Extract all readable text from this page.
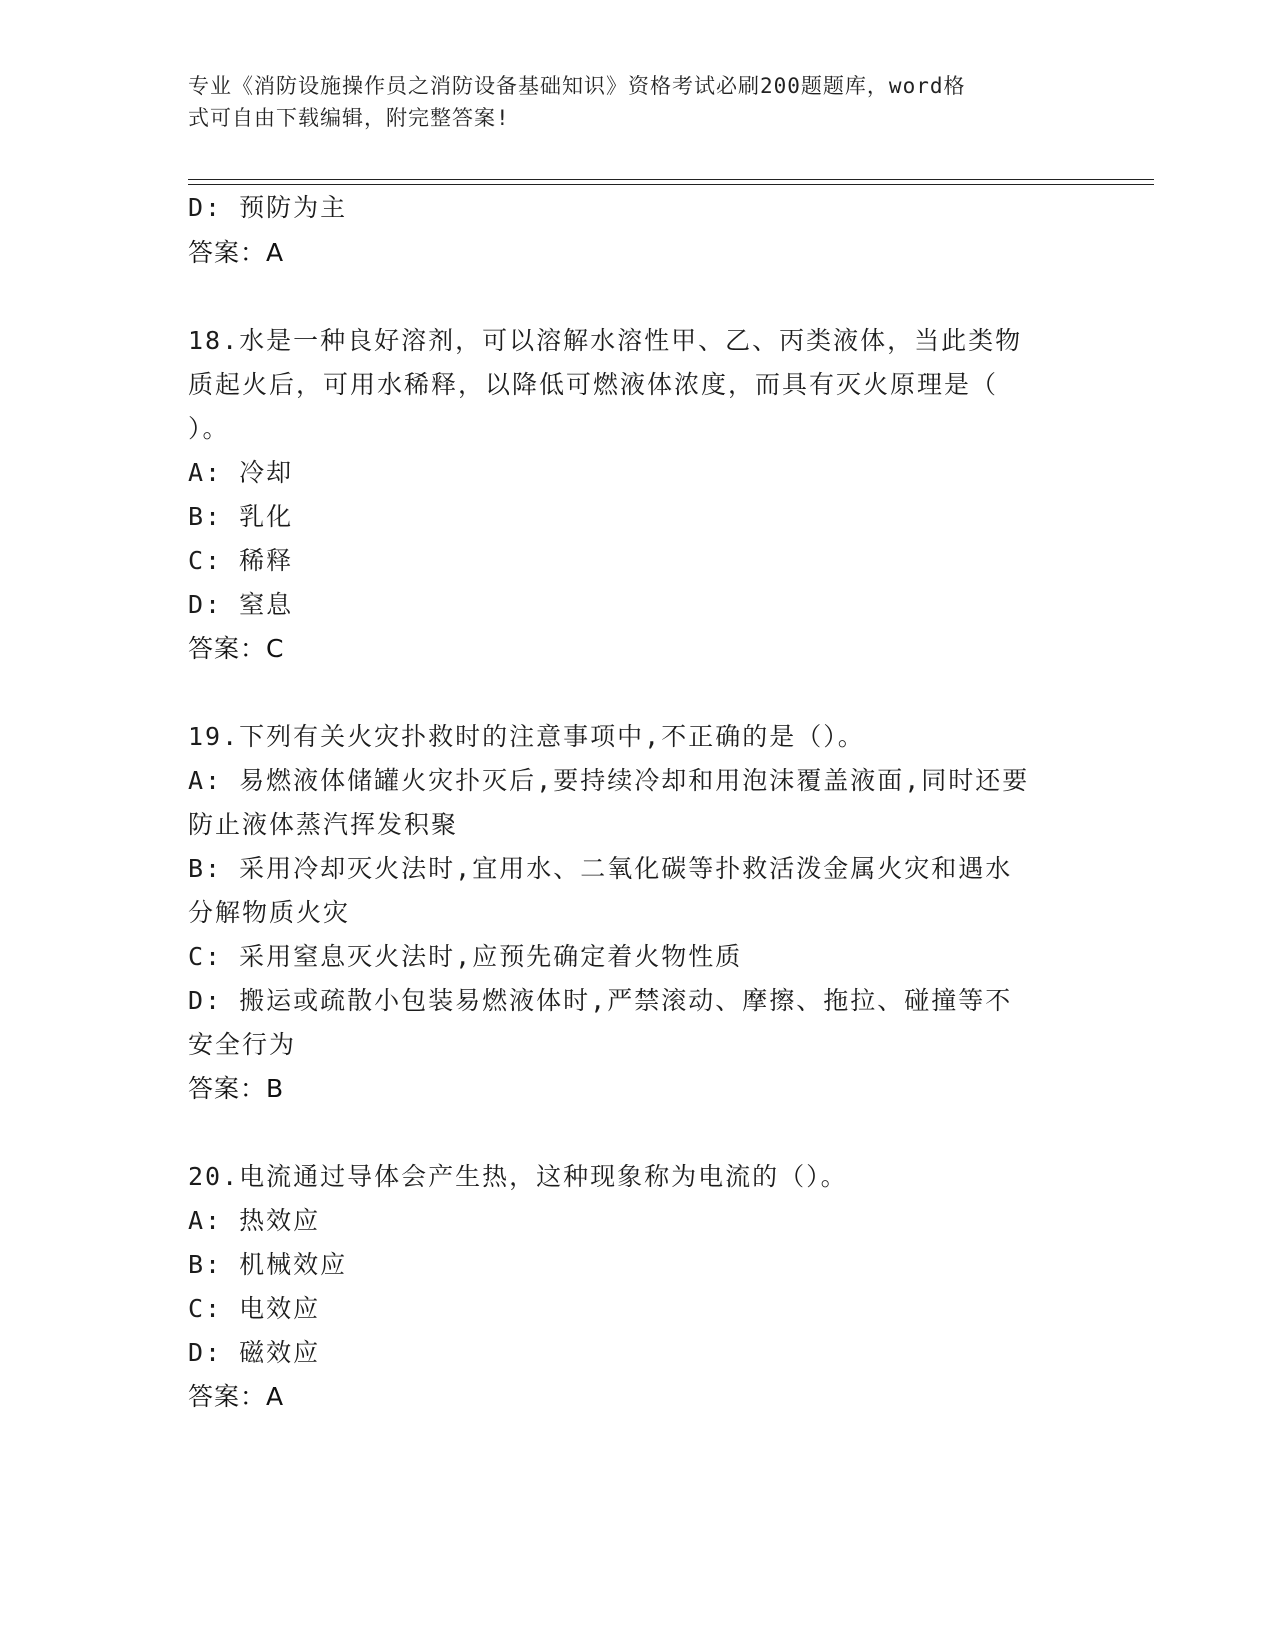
专业《消防设施操作员之消防设备基础知识》资格考试必刷200题题库，word格
式可自由下载编辑，附完整答案!
D: 预防为主
答案：A
18.水是一种良好溶剂，可以溶解水溶性甲、乙、丙类液体，当此类物
质起火后，可用水稀释，以降低可燃液体浓度，而具有灭火原理是（
）。
A: 冷却
B: 乳化
C: 稀释
D: 窒息
答案：C
19.下列有关火灾扑救时的注意事项中,不正确的是（）。
A: 易燃液体储罐火灾扑灭后,要持续冷却和用泡沫覆盖液面,同时还要
防止液体蒸汽挥发积聚
B: 采用冷却灭火法时,宜用水、二氧化碳等扑救活泼金属火灾和遇水
分解物质火灾
C: 采用窒息灭火法时,应预先确定着火物性质
D: 搬运或疏散小包装易燃液体时,严禁滚动、摩擦、拖拉、碰撞等不
安全行为
答案：B
20.电流通过导体会产生热，这种现象称为电流的（）。
A: 热效应
B: 机械效应
C: 电效应
D: 磁效应
答案：A
